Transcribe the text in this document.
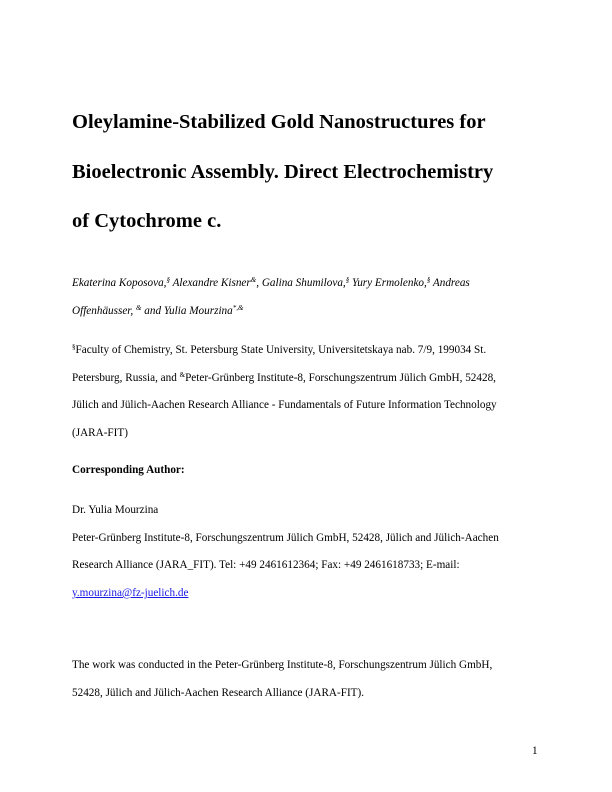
Oleylamine-Stabilized Gold Nanostructures for
Bioelectronic Assembly. Direct Electrochemistry
of Cytochrome c.
Ekaterina Koposova,§ Alexandre Kisner&, Galina Shumilova,§ Yury Ermolenko,§ Andreas
Offenhäusser, & and Yulia Mourzina*,&
§Faculty of Chemistry, St. Petersburg State University, Universitetskaya nab. 7/9, 199034 St.
Petersburg, Russia, and &Peter-Grünberg Institute-8, Forschungszentrum Jülich GmbH, 52428,
Jülich and Jülich-Aachen Research Alliance - Fundamentals of Future Information Technology
(JARA-FIT)
Corresponding Author:
Dr. Yulia Mourzina
Peter-Grünberg Institute-8, Forschungszentrum Jülich GmbH, 52428, Jülich and Jülich-Aachen
Research Alliance (JARA_FIT). Tel: +49 2461612364; Fax: +49 2461618733; E-mail:
y.mourzina@fz-juelich.de
The work was conducted in the Peter-Grünberg Institute-8, Forschungszentrum Jülich GmbH,
52428, Jülich and Jülich-Aachen Research Alliance (JARA-FIT).
1
